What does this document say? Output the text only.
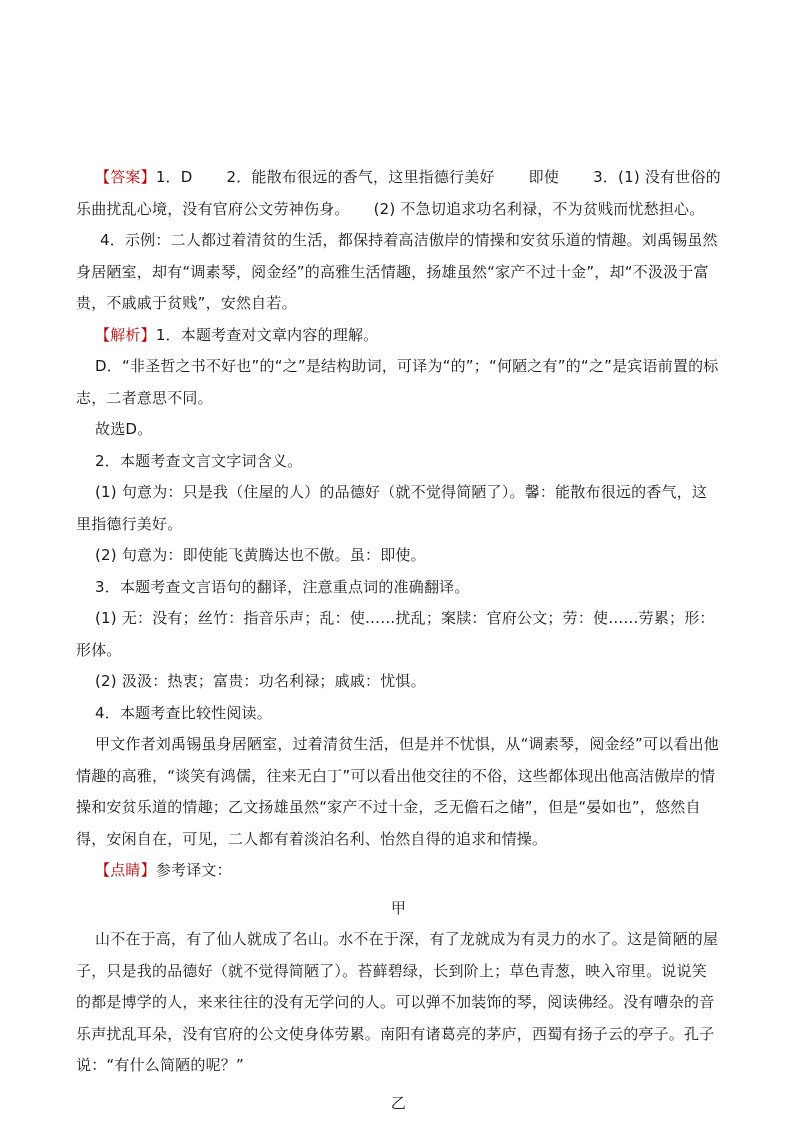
【答案】1．D 2．能散布很远的香气，这里指德行美好 即使 3．(1) 没有世俗的乐曲扰乱心境，没有官府公文劳神伤身。 (2) 不急切追求功名利禄，不为贫贱而忧愁担心。4．示例：二人都过着清贫的生活，都保持着高洁傲岸的情操和安贫乐道的情趣。刘禹锡虽然身居陋室，却有“调素琴，阅金经”的高雅生活情趣，扬雄虽然“家产不过十金”，却“不汲汲于富贵，不戚戚于贫贱”，安然自若。

【解析】1．本题考查对文章内容的理解。

D．“非圣哲之书不好也”的“之”是结构助词，可译为“的”；“何陋之有”的“之”是宾语前置的标志，二者意思不同。

故选D。

2．本题考查文言文字词含义。

(1) 句意为：只是我（住屋的人）的品德好（就不觉得简陋了）。馨：能散布很远的香气，这里指德行美好。

(2) 句意为：即使能飞黄腾达也不傲。虽：即使。

3．本题考查文言语句的翻译，注意重点词的准确翻译。

(1) 无：没有；丝竹：指音乐声；乱：使……扰乱；案牍：官府公文；劳：使……劳累；形：形体。

(2) 汲汲：热衷；富贵：功名利禄；戚戚：忧惧。

4．本题考查比较性阅读。

甲文作者刘禹锡虽身居陋室，过着清贫生活，但是并不忧惧，从“调素琴，阅金经”可以看出他情趣的高雅，“谈笑有鸿儒，往来无白丁”可以看出他交往的不俗，这些都体现出他高洁傲岸的情操和安贫乐道的情趣；乙文扬雄虽然“家产不过十金，乏无儋石之储”，但是“晏如也”，悠然自得，安闲自在，可见，二人都有着淡泊名利、怡然自得的追求和情操。

【点睛】参考译文：

甲

山不在于高，有了仙人就成了名山。水不在于深，有了龙就成为有灵力的水了。这是简陋的屋子，只是我的品德好（就不觉得简陋了）。苔藓碧绿，长到阶上；草色青葱，映入帘里。说说笑的都是博学的人，来来往往的没有无学问的人。可以弹不加装饰的琴，阅读佛经。没有嘈杂的音乐声扰乱耳朵，没有官府的公文使身体劳累。南阳有诸葛亮的茅庐，西蜀有扬子云的亭子。孔子说：“有什么简陋的呢？”

乙
